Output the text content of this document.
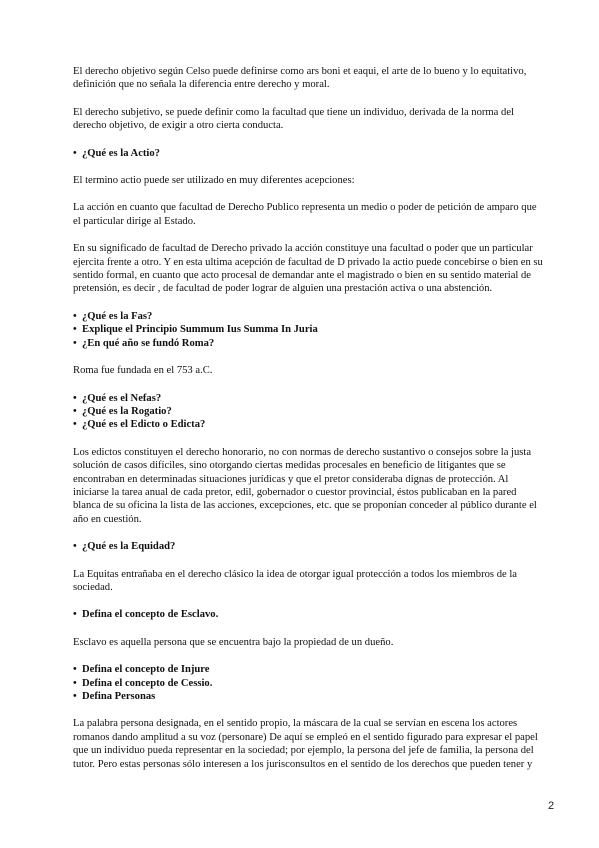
El derecho objetivo según Celso puede definirse como ars boni et eaqui, el arte de lo bueno y lo equitativo, definición que no señala la diferencia entre derecho y moral.

El derecho subjetivo, se puede definir como la facultad que tiene un individuo, derivada de la norma del derecho objetivo, de exigir a otro cierta conducta.

• ¿Qué es la Actio?

El termino actio puede ser utilizado en muy diferentes acepciones:

La acción en cuanto que facultad de Derecho Publico representa un medio o poder de petición de amparo que el particular dirige al Estado.

En su significado de facultad de Derecho privado la acción constituye una facultad o poder que un particular ejercita frente a otro. Y en esta ultima acepción de facultad de D privado la actio puede concebirse o bien en su sentido formal, en cuanto que acto procesal de demandar ante el magistrado o bien en su sentido material de pretensión, es decir , de facultad de poder lograr de alguien una prestación activa o una abstención.

• ¿Qué es la Fas?
• Explique el Principio Summum Ius Summa In Juria
• ¿En qué año se fundó Roma?

Roma fue fundada en el 753 a.C.

• ¿Qué es el Nefas?
• ¿Qué es la Rogatio?
• ¿Qué es el Edicto o Edicta?

Los edictos constituyen el derecho honorario, no con normas de derecho sustantivo o consejos sobre la justa solución de casos difíciles, sino otorgando ciertas medidas procesales en beneficio de litigantes que se encontraban en determinadas situaciones jurídicas y que el pretor consideraba dignas de protección. Al iniciarse la tarea anual de cada pretor, edil, gobernador o cuestor provincial, éstos publicaban en la pared blanca de su oficina la lista de las acciones, excepciones, etc. que se proponían conceder al público durante el año en cuestión.

• ¿Qué es la Equidad?

La Equitas entrañaba en el derecho clásico la idea de otorgar igual protección a todos los miembros de la sociedad.

• Defina el concepto de Esclavo.

Esclavo es aquella persona que se encuentra bajo la propiedad de un dueño.

• Defina el concepto de Injure
• Defina el concepto de Cessio.
• Defina Personas

La palabra persona designada, en el sentido propio, la máscara de la cual se servían en escena los actores romanos dando amplitud a su voz (personare) De aquí se empleó en el sentido figurado para expresar el papel que un individuo pueda representar en la sociedad; por ejemplo, la persona del jefe de familia, la persona del tutor. Pero estas personas sólo interesen a los jurisconsultos en el sentido de los derechos que pueden tener y

2
